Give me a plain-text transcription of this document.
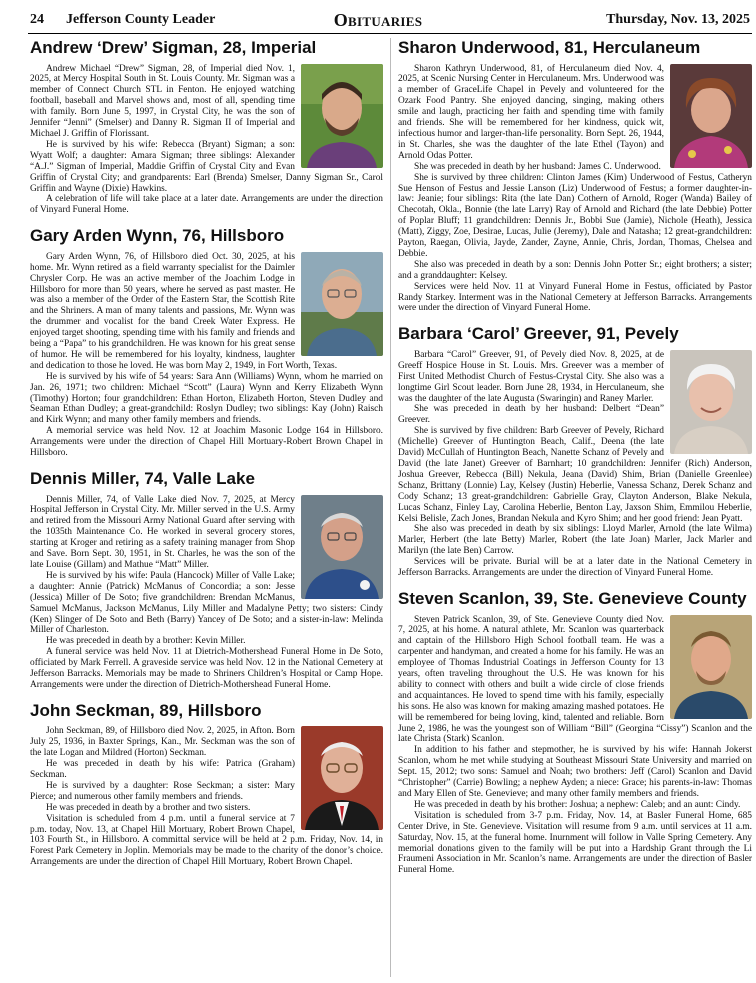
24 Jefferson County Leader	Obituaries	Thursday, Nov. 13, 2025
Andrew ‘Drew’ Sigman, 28, Imperial

Andrew Michael “Drew” Sigman, 28, of Imperial died Nov. 1, 2025, at Mercy Hospital South in St. Louis County. Mr. Sigman was a member of Connect Church STL in Fenton. He enjoyed watching football, baseball and Marvel shows and, most of all, spending time with family. Born June 5, 1997, in Crystal City, he was the son of Jennifer “Jenni” (Smelser) and Danny R. Sigman II of Imperial and Michael J. Griffin of Florissant.

He is survived by his wife: Rebecca (Bryant) Sigman; a son: Wyatt Wolf; a daughter: Amara Sigman; three siblings: Alexander “A.J.” Sigman of Imperial, Maddie Griffin of Crystal City and Evan Griffin of Crystal City; and grandparents: Earl (Brenda) Smelser, Danny Sigman Sr., Carol Griffin and Wayne (Dixie) Hawkins.

A celebration of life will take place at a later date. Arrangements are under the direction of Vinyard Funeral Home.

Gary Arden Wynn, 76, Hillsboro

Gary Arden Wynn, 76, of Hillsboro died Oct. 30, 2025, at his home. Mr. Wynn retired as a field warranty specialist for the Daimler Chrysler Corp. He was an active member of the Joachim Lodge in Hillsboro for more than 50 years, where he served as past master. He was also a member of the Order of the Eastern Star, the Scottish Rite and the Shriners. A man of many talents and passions, Mr. Wynn was the drummer and vocalist for the band Creek Water Express. He enjoyed target shooting, spending time with his family and friends and being a “Papa” to his grandchildren. He was known for his great sense of humor. He will be remembered for his loyalty, kindness, laughter and dedication to those he loved. He was born May 2, 1949, in Fort Worth, Texas.

He is survived by his wife of 54 years: Sara Ann (Williams) Wynn, whom he married on Jan. 26, 1971; two children: Michael “Scott” (Laura) Wynn and Kerry Elizabeth Wynn (Timothy) Horton; four grandchildren: Ethan Horton, Elizabeth Horton, Steven Dudley and Seaman Ethan Dudley; a great-grandchild: Roslyn Dudley; two siblings: Kay (John) Raisch and Kirk Wynn; and many other family members and friends.

A memorial service was held Nov. 12 at Joachim Masonic Lodge 164 in Hillsboro. Arrangements were under the direction of Chapel Hill Mortuary-Robert Brown Chapel in Hillsboro.

Dennis Miller, 74, Valle Lake

Dennis Miller, 74, of Valle Lake died Nov. 7, 2025, at Mercy Hospital Jefferson in Crystal City. Mr. Miller served in the U.S. Army and retired from the Missouri Army National Guard after serving with the 1035th Maintenance Co. He worked in several grocery stores, starting at Kroger and retiring as a safety training manager from Shop and Save. Born Sept. 30, 1951, in St. Charles, he was the son of the late Louise (Gillam) and Mathue “Matt” Miller.

He is survived by his wife: Paula (Hancock) Miller of Valle Lake; a daughter: Annie (Patrick) McManus of Concordia; a son: Jesse (Jessica) Miller of De Soto; five grandchildren: Brendan McManus, Samuel McManus, Jackson McManus, Lily Miller and Madalyne Petty; two sisters: Cindy (Ken) Slinger of De Soto and Beth (Barry) Yancey of De Soto; and a sister-in-law: Melinda Miller of Charleston.

He was preceded in death by a brother: Kevin Miller.

A funeral service was held Nov. 11 at Dietrich-Mothershead Funeral Home in De Soto, officiated by Mark Ferrell. A graveside service was held Nov. 12 in the National Cemetery at Jefferson Barracks. Memorials may be made to Shriners Children’s Hospital or Camp Hope. Arrangements were under the direction of Dietrich-Mothershead Funeral Home.

John Seckman, 89, Hillsboro

John Seckman, 89, of Hillsboro died Nov. 2, 2025, in Afton. Born July 25, 1936, in Baxter Springs, Kan., Mr. Seckman was the son of the late Logan and Mildred (Horton) Seckman.

He was preceded in death by his wife: Patrica (Graham) Seckman.

He is survived by a daughter: Rose Seckman; a sister: Mary Pierce; and numerous other family members and friends.

He was preceded in death by a brother and two sisters.

Visitation is scheduled from 4 p.m. until a funeral service at 7 p.m. today, Nov. 13, at Chapel Hill Mortuary, Robert Brown Chapel, 103 Fourth St., in Hillsboro. A committal service will be held at 2 p.m. Friday, Nov. 14, in Forest Park Cemetery in Joplin. Memorials may be made to the charity of the donor’s choice. Arrangements are under the direction of Chapel Hill Mortuary, Robert Brown Chapel.

Sharon Underwood, 81, Herculaneum

Sharon Kathryn Underwood, 81, of Herculaneum died Nov. 4, 2025, at Scenic Nursing Center in Herculaneum. Mrs. Underwood was a member of GraceLife Chapel in Pevely and volunteered for the Ozark Food Pantry. She enjoyed dancing, singing, making others smile and laugh, practicing her faith and spending time with family and friends. She will be remembered for her kindness, quick wit, infectious humor and larger-than-life personality. Born Sept. 26, 1944, in St. Charles, she was the daughter of the late Ethel (Tayon) and Arnold Odas Potter.

She was preceded in death by her husband: James C. Underwood.

She is survived by three children: Clinton James (Kim) Underwood of Festus, Catheryn Sue Henson of Festus and Jessie Lanson (Liz) Underwood of Festus; a former daughter-in-law: Jeanie; four siblings: Rita (the late Dan) Cothern of Arnold, Roger (Wanda) Bailey of Checotah, Okla., Bonnie (the late Larry) Ray of Arnold and Richard (the late Debbie) Potter of Poplar Bluff; 11 grandchildren: Dennis Jr., Bobbi Sue (Jamie), Nichole (Heath), Jessica (Matt), Ziggy, Zoe, Desirae, Lucas, Julie (Jeremy), Dale and Natasha; 12 great-grandchildren: Payton, Raegan, Olivia, Jayde, Zander, Zayne, Annie, Chris, Jordan, Thomas, Chelsea and Debbie.

She also was preceded in death by a son: Dennis John Potter Sr.; eight brothers; a sister; and a granddaughter: Kelsey.

Services were held Nov. 11 at Vinyard Funeral Home in Festus, officiated by Pastor Randy Starkey. Interment was in the National Cemetery at Jefferson Barracks. Arrangements were under the direction of Vinyard Funeral Home.

Barbara ‘Carol’ Greever, 91, Pevely

Barbara “Carol” Greever, 91, of Pevely died Nov. 8, 2025, at de Greeff Hospice House in St. Louis. Mrs. Greever was a member of First United Methodist Church of Festus-Crystal City. She also was a longtime Girl Scout leader. Born June 28, 1934, in Herculaneum, she was the daughter of the late Augusta (Swaringin) and Raney Marler.

She was preceded in death by her husband: Delbert “Dean” Greever.

She is survived by five children: Barb Greever of Pevely, Richard (Michelle) Greever of Huntington Beach, Calif., Deena (the late David) McCullah of Huntington Beach, Nanette Schanz of Pevely and David (the late Janet) Greever of Barnhart; 10 grandchildren: Jennifer (Rich) Anderson, Joshua Greever, Rebecca (Bill) Nekula, Jeana (David) Shim, Brian (Danielle Greenlee) Schanz, Brittany (Lonnie) Lay, Kelsey (Justin) Heberlie, Vanessa Schanz, Derek Schanz and Cody Schanz; 13 great-grandchildren: Gabrielle Gray, Clayton Anderson, Blake Nekula, Lucas Schanz, Finley Lay, Carolina Heberlie, Benton Lay, Jaxson Shim, Emmilou Heberlie, Kelsi Belisle, Zach Jones, Brandan Nekula and Kyro Shim; and her good friend: Jean Pyatt.

She also was preceded in death by six siblings: Lloyd Marler, Arnold (the late Wilma) Marler, Herbert (the late Betty) Marler, Robert (the late Joan) Marler, Jack Marler and Marilyn (the late Ben) Carrow.

Services will be private. Burial will be at a later date in the National Cemetery in Jefferson Barracks. Arrangements are under the direction of Vinyard Funeral Home.

Steven Scanlon, 39, Ste. Genevieve County

Steven Patrick Scanlon, 39, of Ste. Genevieve County died Nov. 7, 2025, at his home. A natural athlete, Mr. Scanlon was quarterback and captain of the Hillsboro High School football team. He was a carpenter and handyman, and created a home for his family. He was an employee of Thomas Industrial Coatings in Jefferson County for 13 years, often traveling throughout the U.S. He was known for his ability to connect with others and built a wide circle of close friends and acquaintances. He loved to spend time with his family, especially his sons. He also was known for making amazing mashed potatoes. He will be remembered for being loving, kind, talented and reliable. Born June 2, 1986, he was the youngest son of William “Bill” (Georgina “Cissy”) Scanlon and the late Christa (Stark) Scanlon.

In addition to his father and stepmother, he is survived by his wife: Hannah Jokerst Scanlon, whom he met while studying at Southeast Missouri State University and married on Sept. 15, 2012; two sons: Samuel and Noah; two brothers: Jeff (Carol) Scanlon and David “Christopher” (Carrie) Bowling; a nephew Ayden; a niece: Grace; his parents-in-law: Thomas and Mary Ellen of Ste. Genevieve; and many other family members and friends.

He was preceded in death by his brother: Joshua; a nephew: Caleb; and an aunt: Cindy.

Visitation is scheduled from 3-7 p.m. Friday, Nov. 14, at Basler Funeral Home, 685 Center Drive, in Ste. Genevieve. Visitation will resume from 9 a.m. until services at 11 a.m. Saturday, Nov. 15, at the funeral home. Inurnment will follow in Valle Spring Cemetery. Any memorial donations given to the family will be put into a Hardship Grant through the Li Fraumeni Association in Mr. Scanlon’s name. Arrangements are under the direction of Basler Funeral Home.
